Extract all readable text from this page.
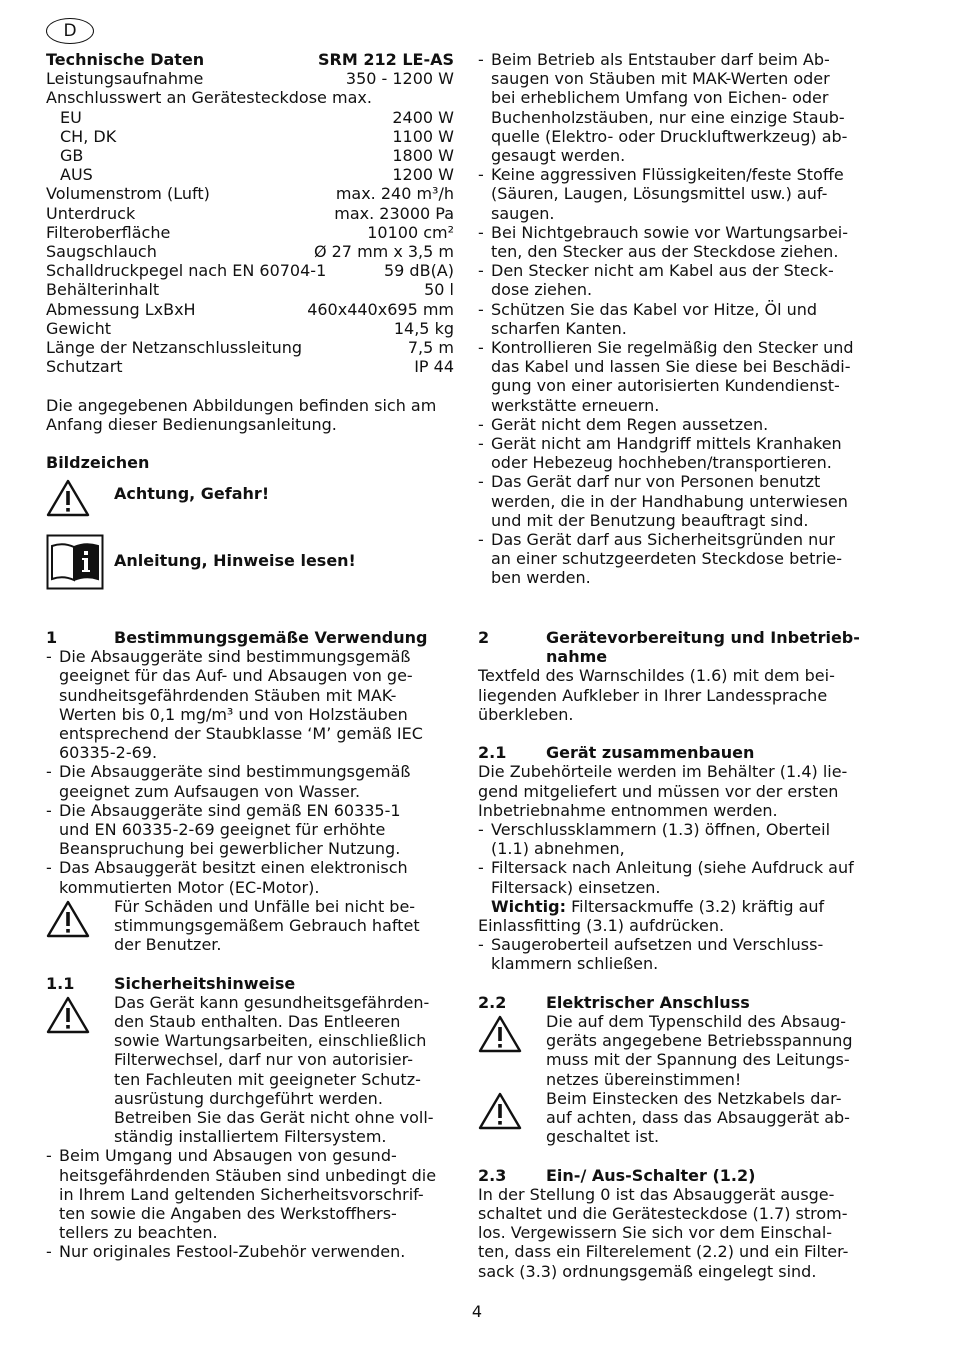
D
Technische Daten	SRM 212 LE-AS
Leistungsaufnahme	350 - 1200 W
Anschlusswert an Gerätesteckdose max.
EU	2400 W
CH, DK	1100 W
GB	1800 W
AUS	1200 W
Volumenstrom (Luft)	max. 240 m³/h
Unterdruck	max. 23000 Pa
Filteroberfläche	10100 cm²
Saugschlauch	Ø 27 mm x 3,5 m
Schalldruckpegel nach EN 60704-1	59 dB(A)
Behälterinhalt	50 l
Abmessung LxBxH	460x440x695 mm
Gewicht	14,5 kg
Länge der Netzanschlussleitung	7,5 m
Schutzart	IP 44
Die angegebenen Abbildungen befinden sich am
Anfang dieser Bedienungsanleitung.
Bildzeichen
Achtung, Gefahr!
Anleitung, Hinweise lesen!
1	Bestimmungsgemäße Verwendung
- Die Absauggeräte sind bestimmungsgemäß
geeignet für das Auf- und Absaugen von ge-
sundheitsgefährdenden Stäuben mit MAK-
Werten bis 0,1 mg/m³ und von Holzstäuben
entsprechend der Staubklasse ‘M’ gemäß IEC
60335-2-69.
- Die Absauggeräte sind bestimmungsgemäß
geeignet zum Aufsaugen von Wasser.
- Die Absauggeräte sind gemäß EN 60335-1
und EN 60335-2-69 geeignet für erhöhte
Beanspruchung bei gewerblicher Nutzung.
- Das Absauggerät besitzt einen elektronisch
kommutierten Motor (EC-Motor).
Für Schäden und Unfälle bei nicht be-
stimmungsgemäßem Gebrauch haftet
der Benutzer.
1.1	Sicherheitshinweise
Das Gerät kann gesundheitsgefährden-
den Staub enthalten. Das Entleeren
sowie Wartungsarbeiten, einschließlich
Filterwechsel, darf nur von autorisier-
ten Fachleuten mit geeigneter Schutz-
ausrüstung durchgeführt werden.
Betreiben Sie das Gerät nicht ohne voll-
ständig installiertem Filtersystem.
- Beim Umgang und Absaugen von gesund-
heitsgefährdenden Stäuben sind unbedingt die
in Ihrem Land geltenden Sicherheitsvorschrif-
ten sowie die Angaben des Werkstoffhers-
tellers zu beachten.
- Nur originales Festool-Zubehör verwenden.
- Beim Betrieb als Entstauber darf beim Ab-
saugen von Stäuben mit MAK-Werten oder
bei erheblichem Umfang von Eichen- oder
Buchenholzstäuben, nur eine einzige Staub-
quelle (Elektro- oder Druckluftwerkzeug) ab-
gesaugt werden.
- Keine aggressiven Flüssigkeiten/feste Stoffe
(Säuren, Laugen, Lösungsmittel usw.) auf-
saugen.
- Bei Nichtgebrauch sowie vor Wartungsarbei-
ten, den Stecker aus der Steckdose ziehen.
- Den Stecker nicht am Kabel aus der Steck-
dose ziehen.
- Schützen Sie das Kabel vor Hitze, Öl und
scharfen Kanten.
- Kontrollieren Sie regelmäßig den Stecker und
das Kabel und lassen Sie diese bei Beschädi-
gung von einer autorisierten Kundendienst-
werkstätte erneuern.
- Gerät nicht dem Regen aussetzen.
- Gerät nicht am Handgriff mittels Kranhaken
oder Hebezeug hochheben/transportieren.
- Das Gerät darf nur von Personen benutzt
werden, die in der Handhabung unterwiesen
und mit der Benutzung beauftragt sind.
- Das Gerät darf aus Sicherheitsgründen nur
an einer schutzgeerdeten Steckdose betrie-
ben werden.
2	Gerätevorbereitung und Inbetrieb-
nahme
Textfeld des Warnschildes (1.6) mit dem bei-
liegenden Aufkleber in Ihrer Landessprache
überkleben.
2.1	Gerät zusammenbauen
Die Zubehörteile werden im Behälter (1.4) lie-
gend mitgeliefert und müssen vor der ersten
Inbetriebnahme entnommen werden.
- Verschlussklammern (1.3) öffnen, Oberteil
(1.1) abnehmen,
- Filtersack nach Anleitung (siehe Aufdruck auf
Filtersack) einsetzen.
Wichtig: Filtersackmuffe (3.2) kräftig auf
Einlassfitting (3.1) aufdrücken.
- Saugeroberteil aufsetzen und Verschluss-
klammern schließen.
2.2	Elektrischer Anschluss
Die auf dem Typenschild des Absaug-
geräts angegebene Betriebsspannung
muss mit der Spannung des Leitungs-
netzes übereinstimmen!
Beim Einstecken des Netzkabels dar-
auf achten, dass das Absauggerät ab-
geschaltet ist.
2.3	Ein-/ Aus-Schalter (1.2)
In der Stellung 0 ist das Absauggerät ausge-
schaltet und die Gerätesteckdose (1.7) strom-
los. Vergewissern Sie sich vor dem Einschal-
ten, dass ein Filterelement (2.2) und ein Filter-
sack (3.3) ordnungsgemäß eingelegt sind.
4
